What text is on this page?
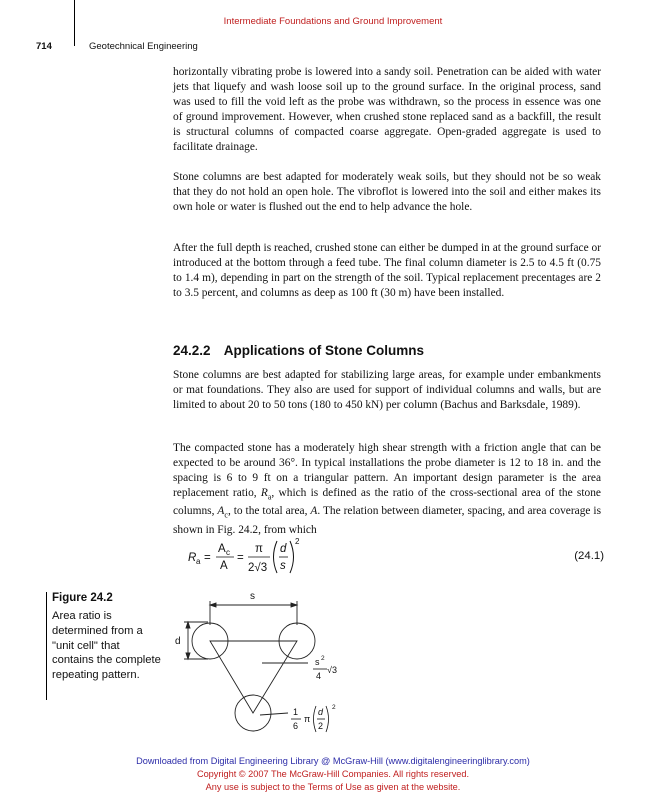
Intermediate Foundations and Ground Improvement
714	Geotechnical Engineering

horizontally vibrating probe is lowered into a sandy soil. Penetration can be aided with water jets that liquefy and wash loose soil up to the ground surface. In the original process, sand was used to fill the void left as the probe was withdrawn, so the process in essence was one of ground improvement. However, when crushed stone replaced sand as a backfill, the result is structural columns of compacted coarse aggregate. Open-graded aggregate is used to facilitate drainage.

Stone columns are best adapted for moderately weak soils, but they should not be so weak that they do not hold an open hole. The vibroflot is lowered into the soil and either makes its own hole or water is flushed out the end to help advance the hole.

After the full depth is reached, crushed stone can either be dumped in at the ground surface or introduced at the bottom through a feed tube. The final column diameter is 2.5 to 4.5 ft (0.75 to 1.4 m), depending in part on the strength of the soil. Typical replacement precentages are 2 to 3.5 percent, and columns as deep as 100 ft (30 m) have been installed.

24.2.2 Applications of Stone Columns

Stone columns are best adapted for stabilizing large areas, for example under embankments or mat foundations. They also are used for support of individual columns and walls, but are limited to about 20 to 50 tons (180 to 450 kN) per column (Bachus and Barksdale, 1989).

The compacted stone has a moderately high shear strength with a friction angle that can be expected to be around 36°. In typical installations the probe diameter is 12 to 18 in. and the spacing is 6 to 9 ft on a triangular pattern. An important design parameter is the area replacement ratio, $R_a$, which is defined as the ratio of the cross-sectional area of the stone columns, $A_c$, to the total area, A. The relation between diameter, spacing, and area coverage is shown in Fig. 24.2, from which

R a =
A c
A
=
π
2√3
d
s
2
(24.1)
Figure 24.2
Area ratio is determined from a "unit cell" that contains the complete repeating pattern.
s
d
s 2
4
√3
1
6
π
d
2
2
Downloaded from Digital Engineering Library @ McGraw-Hill (www.digitalengineeringlibrary.com)
Copyright © 2007 The McGraw-Hill Companies. All rights reserved.
Any use is subject to the Terms of Use as given at the website.
